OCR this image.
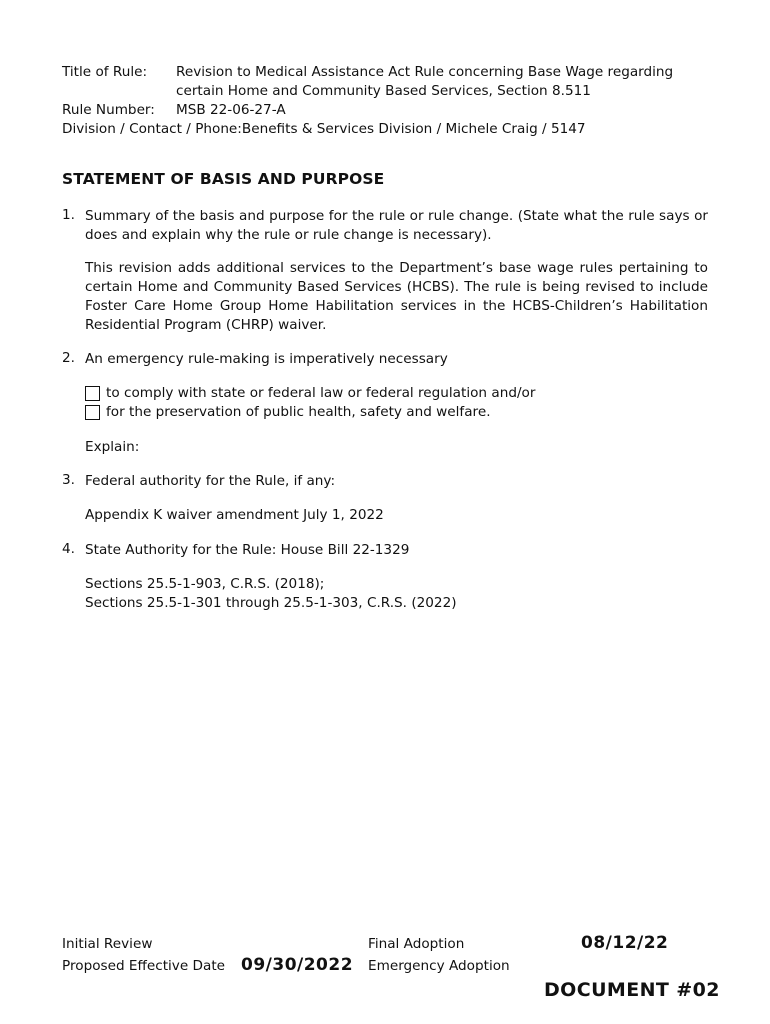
Title of Rule: Revision to Medical Assistance Act Rule concerning Base Wage regarding
certain Home and Community Based Services, Section 8.511
Rule Number: MSB 22-06-27-A
Division / Contact / Phone:Benefits & Services Division / Michele Craig / 5147
STATEMENT OF BASIS AND PURPOSE
1. Summary of the basis and purpose for the rule or rule change. (State what the rule says or does and explain why the rule or rule change is necessary).
This revision adds additional services to the Department’s base wage rules pertaining to certain Home and Community Based Services (HCBS). The rule is being revised to include Foster Care Home Group Home Habilitation services in the HCBS-Children’s Habilitation Residential Program (CHRP) waiver.
2. An emergency rule-making is imperatively necessary
to comply with state or federal law or federal regulation and/or
for the preservation of public health, safety and welfare.
Explain:
3. Federal authority for the Rule, if any:
Appendix K waiver amendment July 1, 2022
4. State Authority for the Rule: House Bill 22-1329
Sections 25.5-1-903, C.R.S. (2018);
Sections 25.5-1-301 through 25.5-1-303, C.R.S. (2022)
Initial Review
Proposed Effective Date 09/30/2022
Final Adoption
Emergency Adoption
08/12/22
DOCUMENT #02
